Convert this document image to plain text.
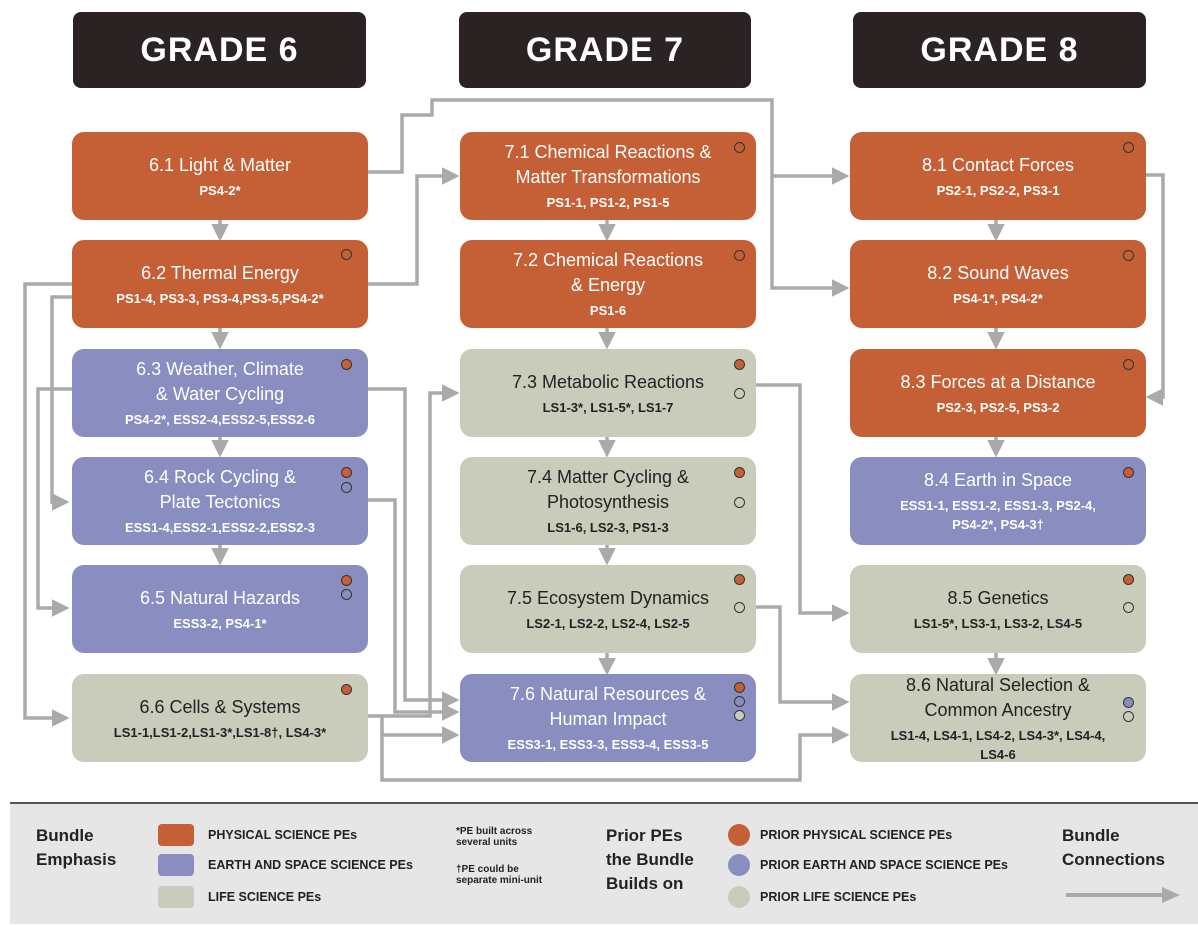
GRADE 6	GRADE 7	GRADE 8
6.1 Light & Matter
PS4-2*
6.2 Thermal Energy
PS1-4, PS3-3, PS3-4,PS3-5,PS4-2*
6.3 Weather, Climate
& Water Cycling
PS4-2*, ESS2-4,ESS2-5,ESS2-6
6.4 Rock Cycling &
Plate Tectonics
ESS1-4,ESS2-1,ESS2-2,ESS2-3
6.5 Natural Hazards
ESS3-2, PS4-1*
6.6 Cells & Systems
LS1-1,LS1-2,LS1-3*,LS1-8†, LS4-3*
7.1 Chemical Reactions &
Matter Transformations
PS1-1, PS1-2, PS1-5
7.2 Chemical Reactions
& Energy
PS1-6
7.3 Metabolic Reactions
LS1-3*, LS1-5*, LS1-7
7.4 Matter Cycling &
Photosynthesis
LS1-6, LS2-3, PS1-3
7.5 Ecosystem Dynamics
LS2-1, LS2-2, LS2-4, LS2-5
7.6 Natural Resources &
Human Impact
ESS3-1, ESS3-3, ESS3-4, ESS3-5
8.1 Contact Forces
PS2-1, PS2-2, PS3-1
8.2 Sound Waves
PS4-1*, PS4-2*
8.3 Forces at a Distance
PS2-3, PS2-5, PS3-2
8.4 Earth in Space
ESS1-1, ESS1-2, ESS1-3, PS2-4,
PS4-2*, PS4-3†
8.5 Genetics
LS1-5*, LS3-1, LS3-2, LS4-5
8.6 Natural Selection &
Common Ancestry
LS1-4, LS4-1, LS4-2, LS4-3*, LS4-4, LS4-6
Bundle
Emphasis
PHYSICAL SCIENCE PEs
EARTH AND SPACE SCIENCE PEs
LIFE SCIENCE PEs
*PE built across
several units
†PE could be
separate mini-unit
Prior PEs
the Bundle
Builds on
PRIOR PHYSICAL SCIENCE PEs
PRIOR EARTH AND SPACE SCIENCE PEs
PRIOR LIFE SCIENCE PEs
Bundle
Connections
